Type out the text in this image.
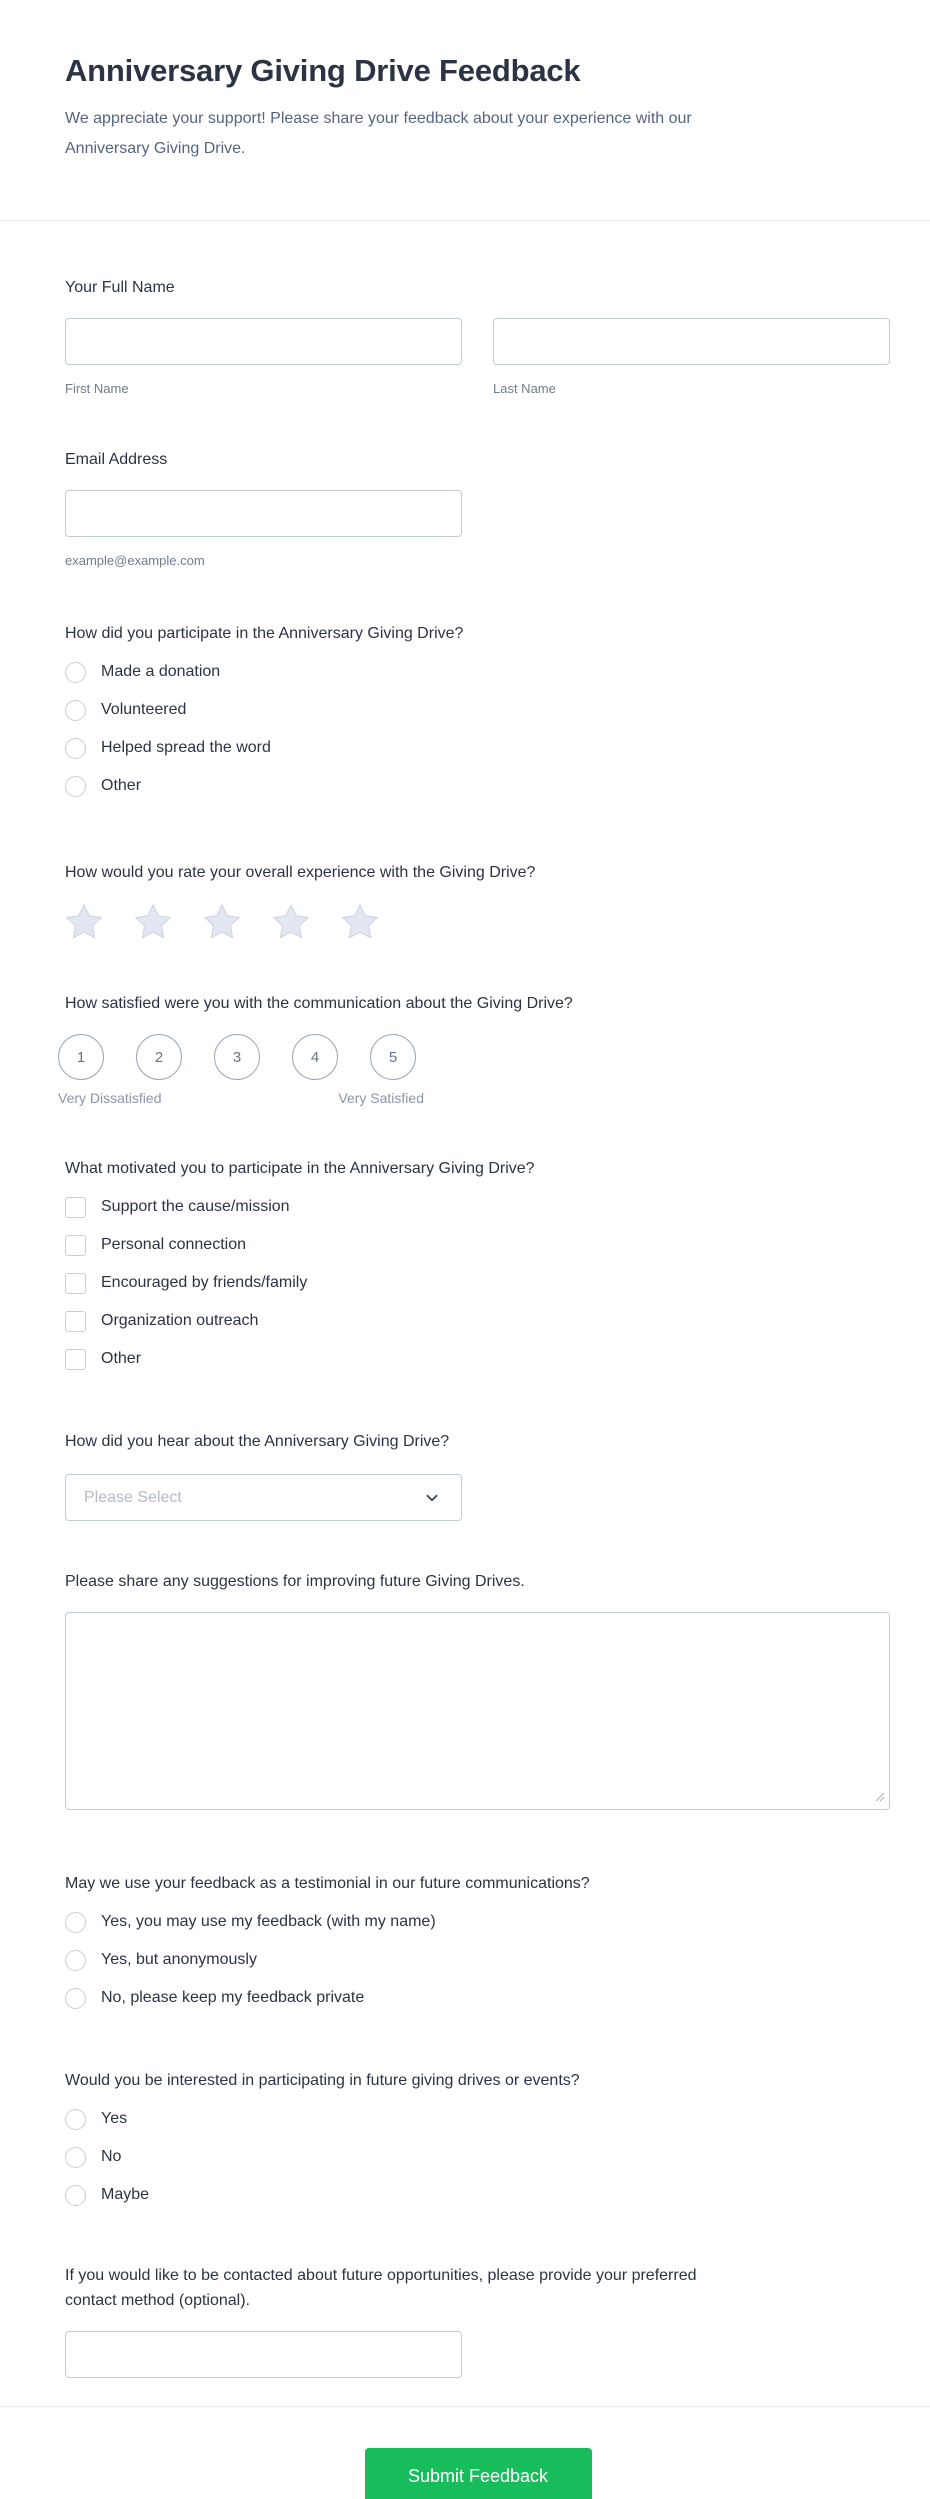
Anniversary Giving Drive Feedback
We appreciate your support! Please share your feedback about your experience with our Anniversary Giving Drive.
Your Full Name
First Name	Last Name
Email Address
example@example.com
How did you participate in the Anniversary Giving Drive?
Made a donation
Volunteered
Helped spread the word
Other
How would you rate your overall experience with the Giving Drive?
How satisfied were you with the communication about the Giving Drive?
1	2	3	4	5
Very Dissatisfied	Very Satisfied
What motivated you to participate in the Anniversary Giving Drive?
Support the cause/mission
Personal connection
Encouraged by friends/family
Organization outreach
Other
How did you hear about the Anniversary Giving Drive?
Please Select
Please share any suggestions for improving future Giving Drives.
May we use your feedback as a testimonial in our future communications?
Yes, you may use my feedback (with my name)
Yes, but anonymously
No, please keep my feedback private
Would you be interested in participating in future giving drives or events?
Yes
No
Maybe
If you would like to be contacted about future opportunities, please provide your preferred contact method (optional).
Submit Feedback
